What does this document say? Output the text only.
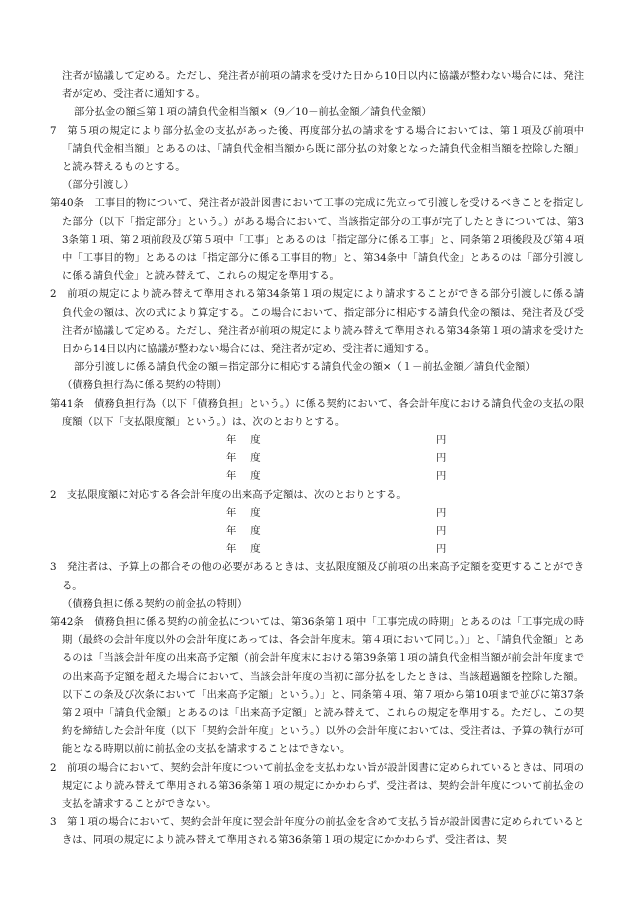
注者が協議して定める。ただし、発注者が前項の請求を受けた日から10日以内に協議が整わない場合には、発注者が定め、受注者に通知する。

部分払金の額≦第１項の請負代金相当額×（9／10－前払金額／請負代金額）

7　第５項の規定により部分払金の支払があった後、再度部分払の請求をする場合においては、第１項及び前項中「請負代金相当額」とあるのは、「請負代金相当額から既に部分払の対象となった請負代金相当額を控除した額」と読み替えるものとする。

（部分引渡し）

第40条　工事目的物について、発注者が設計図書において工事の完成に先立って引渡しを受けるべきことを指定した部分（以下「指定部分」という。）がある場合において、当該指定部分の工事が完了したときについては、第33条第１項、第２項前段及び第５項中「工事」とあるのは「指定部分に係る工事」と、同条第２項後段及び第４項中「工事目的物」とあるのは「指定部分に係る工事目的物」と、第34条中「請負代金」とあるのは「部分引渡しに係る請負代金」と読み替えて、これらの規定を準用する。

2　前項の規定により読み替えて準用される第34条第１項の規定により請求することができる部分引渡しに係る請負代金の額は、次の式により算定する。この場合において、指定部分に相応する請負代金の額は、発注者及び受注者が協議して定める。ただし、発注者が前項の規定により読み替えて準用される第34条第１項の請求を受けた日から14日以内に協議が整わない場合には、発注者が定め、受注者に通知する。

部分引渡しに係る請負代金の額＝指定部分に相応する請負代金の額×（１－前払金額／請負代金額）

（債務負担行為に係る契約の特則）

第41条　債務負担行為（以下「債務負担」という。）に係る契約において、各会計年度における請負代金の支払の限度額（以下「支払限度額」という。）は、次のとおりとする。

年度	円
年度	円
年度	円

2　支払限度額に対応する各会計年度の出来高予定額は、次のとおりとする。

年度	円
年度	円
年度	円

3　発注者は、予算上の都合その他の必要があるときは、支払限度額及び前項の出来高予定額を変更することができる。

（債務負担に係る契約の前金払の特則）

第42条　債務負担に係る契約の前金払については、第36条第１項中「工事完成の時期」とあるのは「工事完成の時期（最終の会計年度以外の会計年度にあっては、各会計年度末。第４項において同じ。）」と、「請負代金額」とあるのは「当該会計年度の出来高予定額（前会計年度末における第39条第１項の請負代金相当額が前会計年度までの出来高予定額を超えた場合において、当該会計年度の当初に部分払をしたときは、当該超過額を控除した額。以下この条及び次条において「出来高予定額」という。）」と、同条第４項、第７項から第10項まで並びに第37条第２項中「請負代金額」とあるのは「出来高予定額」と読み替えて、これらの規定を準用する。ただし、この契約を締結した会計年度（以下「契約会計年度」という。）以外の会計年度においては、受注者は、予算の執行が可能となる時期以前に前払金の支払を請求することはできない。

2　前項の場合において、契約会計年度について前払金を支払わない旨が設計図書に定められているときは、同項の規定により読み替えて準用される第36条第１項の規定にかかわらず、受注者は、契約会計年度について前払金の支払を請求することができない。

3　第１項の場合において、契約会計年度に翌会計年度分の前払金を含めて支払う旨が設計図書に定められているときは、同項の規定により読み替えて準用される第36条第１項の規定にかかわらず、受注者は、契
